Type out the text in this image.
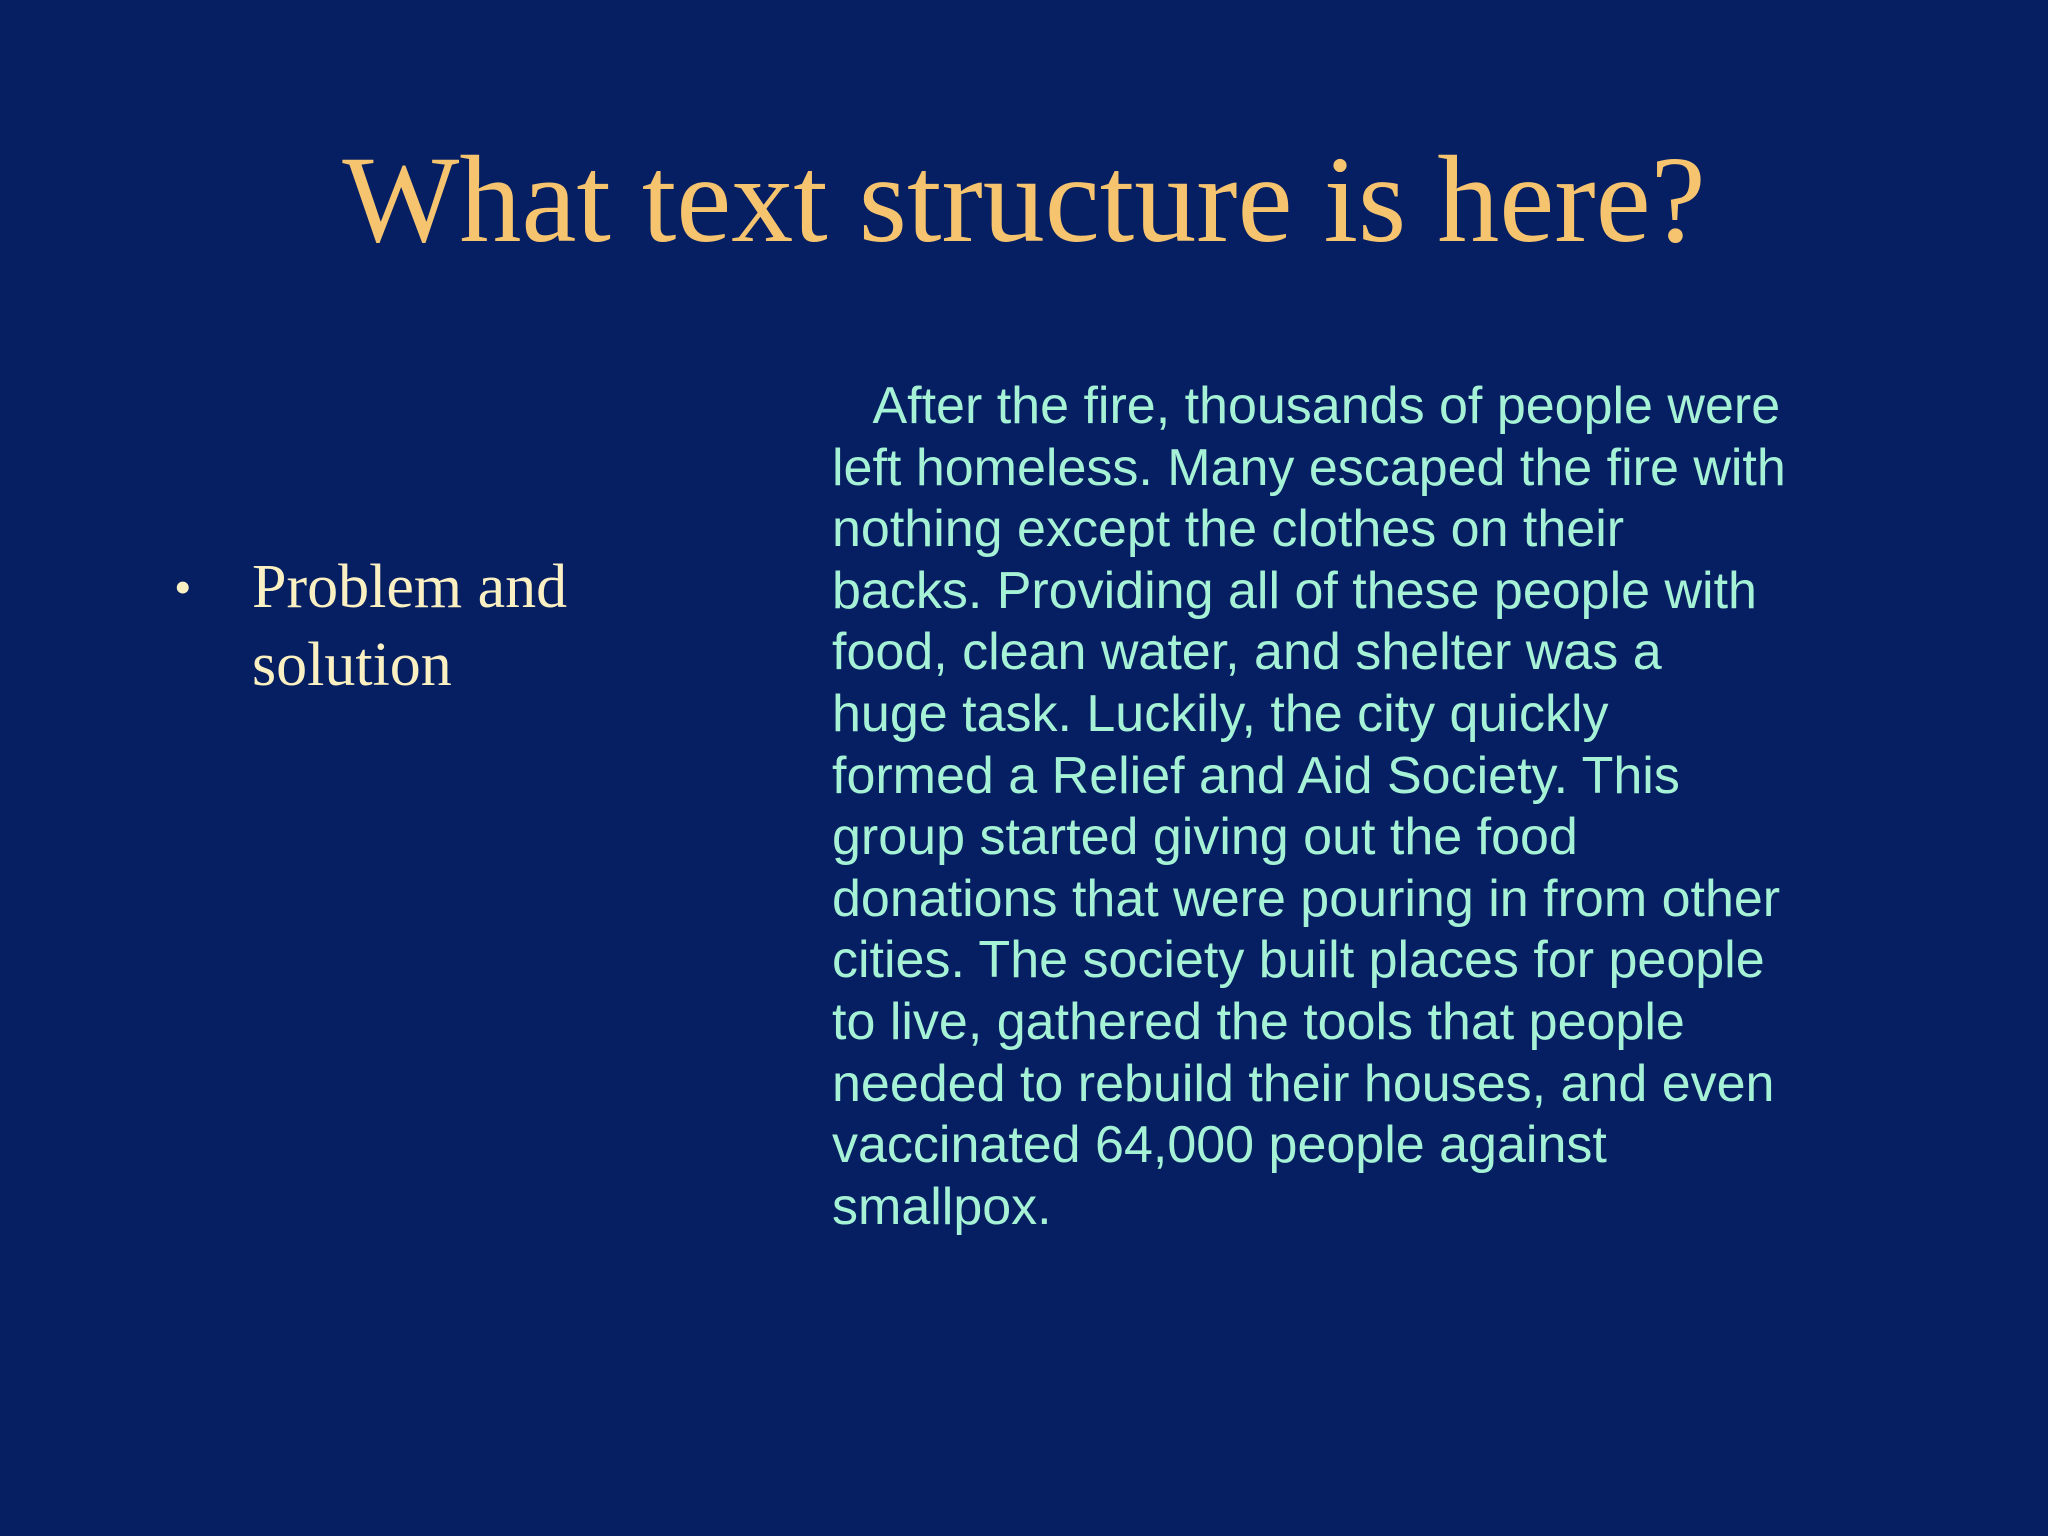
What text structure is here?
• Problem and
solution

After the fire, thousands of people were
left homeless. Many escaped the fire with
nothing except the clothes on their
backs. Providing all of these people with
food, clean water, and shelter was a
huge task. Luckily, the city quickly
formed a Relief and Aid Society. This
group started giving out the food
donations that were pouring in from other
cities. The society built places for people
to live, gathered the tools that people
needed to rebuild their houses, and even
vaccinated 64,000 people against
smallpox.
